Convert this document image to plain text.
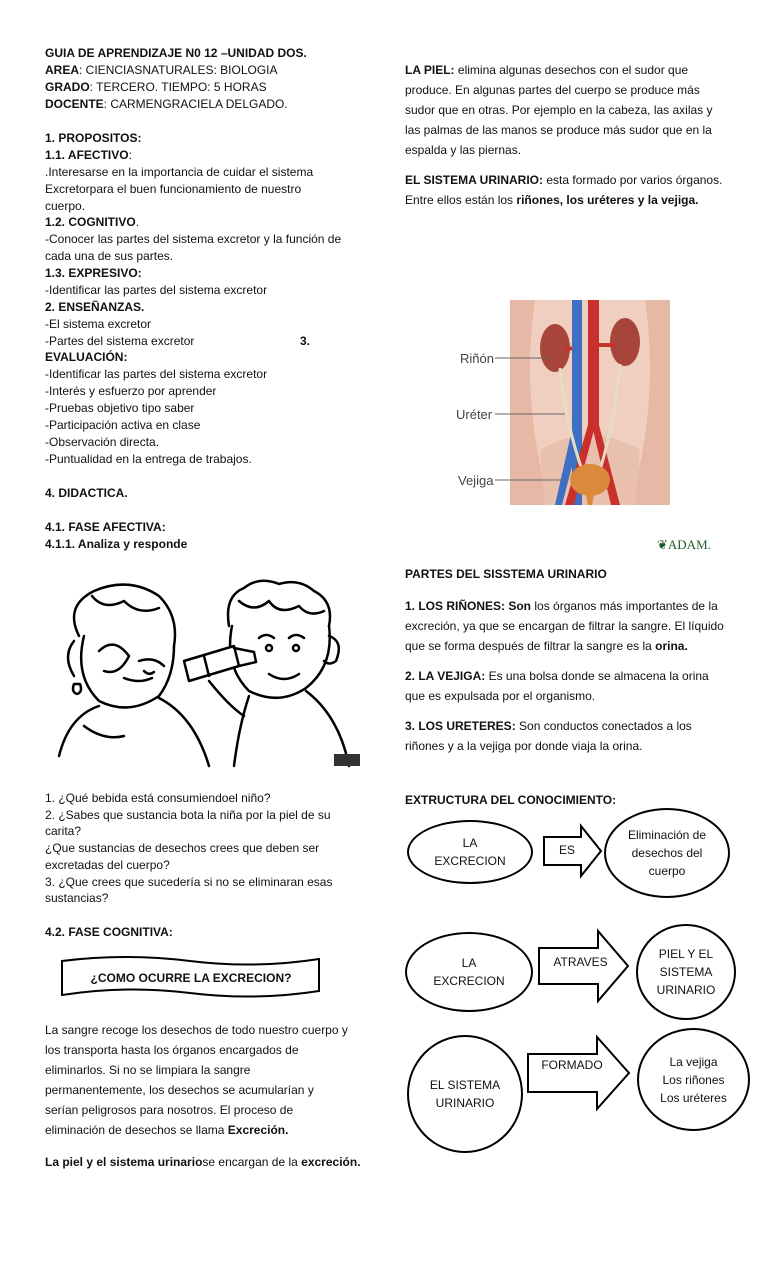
GUIA DE APRENDIZAJE N0 12 –UNIDAD DOS.
AREA: CIENCIASNATURALES: BIOLOGIA
GRADO: TERCERO. TIEMPO: 5 HORAS
DOCENTE: CARMENGRACIELA DELGADO.
1. PROPOSITOS:
1.1. AFECTIVO:
.Interesarse en la importancia de cuidar el sistema
Excretorpara el buen funcionamiento de nuestro
cuerpo.
1.2. COGNITIVO.
-Conocer las partes del sistema excretor y la función de
cada una de sus partes.
1.3. EXPRESIVO:
-Identificar las partes del sistema excretor
2. ENSEÑANZAS.
-El sistema excretor
-Partes del sistema excretor	3.
EVALUACIÓN:
-Identificar las partes del sistema excretor
-Interés y esfuerzo por aprender
-Pruebas objetivo tipo saber
-Participación activa en clase
-Observación directa.
-Puntualidad en la entrega de trabajos.
4. DIDACTICA.
4.1. FASE AFECTIVA:
4.1.1. Analiza y responde
1. ¿Qué bebida está consumiendoel niño?
2. ¿Sabes que sustancia bota la niña por la piel de su
carita?
¿Que sustancias de desechos crees que deben ser
excretadas del cuerpo?
3. ¿Que crees que sucedería si no se eliminaran esas
sustancias?
4.2. FASE COGNITIVA:
¿COMO OCURRE LA EXCRECION?
La sangre recoge los desechos de todo nuestro cuerpo y
los transporta hasta los órganos encargados de
eliminarlos. Si no se limpiara la sangre
permanentemente, los desechos se acumularían y
serían peligrosos para nosotros. El proceso de
eliminación de desechos se llama Excreción.
La piel y el sistema urinariose encargan de la excreción.

LA PIEL: elimina algunas desechos con el sudor que produce. En algunas partes del cuerpo se produce más sudor que en otras. Por ejemplo en la cabeza, las axilas y las palmas de las manos se produce más sudor que en la espalda y las piernas.

EL SISTEMA URINARIO: esta formado por varios órganos. Entre ellos están los riñones, los uréteres y la vejiga.

Riñón
Uréter
Vejiga
❦ADAM.
PARTES DEL SISSTEMA URINARIO

1. LOS RIÑONES: Son los órganos más importantes de la excreción, ya que se encargan de filtrar la sangre. El líquido que se forma después de filtrar la sangre es la orina.

2. LA VEJIGA: Es una bolsa donde se almacena la orina que es expulsada por el organismo.

3. LOS URETERES: Son conductos conectados a los riñones y a la vejiga por donde viaja la orina.

EXTRUCTURA DEL CONOCIMIENTO:
LA
EXCRECION
ES
Eliminación de
desechos del
cuerpo
LA
EXCRECION
ATRAVES
PIEL Y EL
SISTEMA
URINARIO
EL SISTEMA
URINARIO
FORMADO	La vejiga
Los riñones
Los uréteres
